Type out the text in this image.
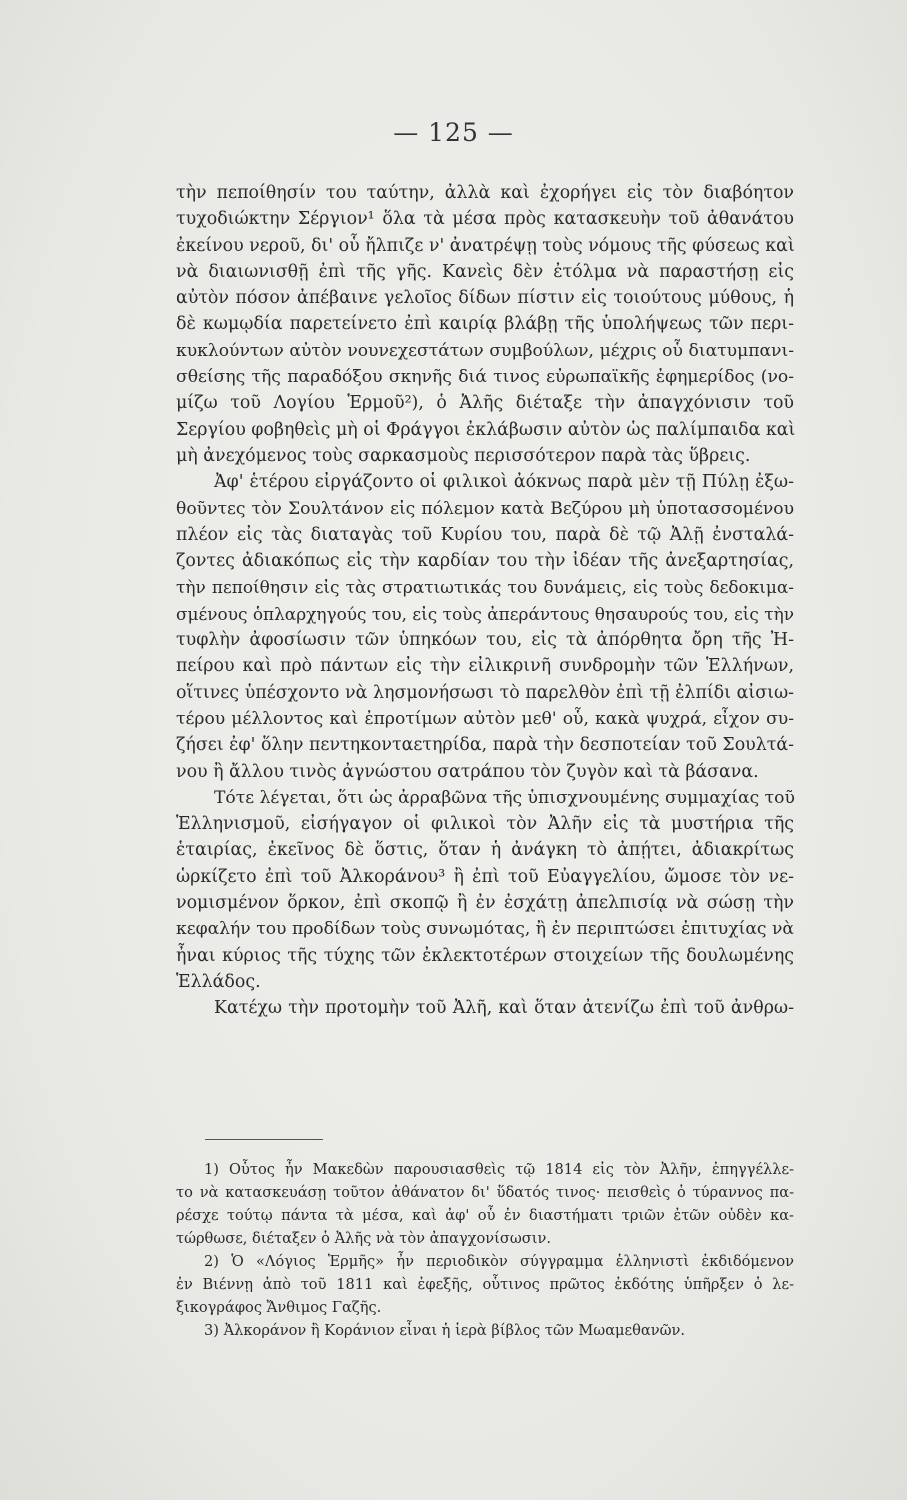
— 125 —

τὴν πεποίθησίν του ταύτην, ἀλλὰ καὶ ἐχορήγει εἰς τὸν διαβόητον
τυχοδιώκτην Σέργιον¹ ὅλα τὰ μέσα πρὸς κατασκευὴν τοῦ ἀθανάτου
ἐκείνου νεροῦ, δι' οὗ ἤλπιζε ν' ἀνατρέψῃ τοὺς νόμους τῆς φύσεως καὶ
νὰ διαιωνισθῇ ἐπὶ τῆς γῆς. Κανεὶς δὲν ἐτόλμα νὰ παραστήσῃ εἰς
αὐτὸν πόσον ἀπέβαινε γελοῖος δίδων πίστιν εἰς τοιούτους μύθους, ἡ
δὲ κωμῳδία παρετείνετο ἐπὶ καιρίᾳ βλάβῃ τῆς ὑπολήψεως τῶν περι-
κυκλούντων αὐτὸν νουνεχεστάτων συμβούλων, μέχρις οὗ διατυμπανι-
σθείσης τῆς παραδόξου σκηνῆς διά τινος εὐρωπαϊκῆς ἐφημερίδος (νο-
μίζω τοῦ Λογίου Ἑρμοῦ²), ὁ Ἀλῆς διέταξε τὴν ἀπαγχόνισιν τοῦ
Σεργίου φοβηθεὶς μὴ οἱ Φράγγοι ἐκλάβωσιν αὐτὸν ὡς παλίμπαιδα καὶ
μὴ ἀνεχόμενος τοὺς σαρκασμοὺς περισσότερον παρὰ τὰς ὕβρεις.

Ἀφ' ἑτέρου εἰργάζοντο οἱ φιλικοὶ ἀόκνως παρὰ μὲν τῇ Πύλῃ ἐξω-
θοῦντες τὸν Σουλτάνον εἰς πόλεμον κατὰ Βεζύρου μὴ ὑποτασσομένου
πλέον εἰς τὰς διαταγὰς τοῦ Κυρίου του, παρὰ δὲ τῷ Ἀλῇ ἐνσταλά-
ζοντες ἀδιακόπως εἰς τὴν καρδίαν του τὴν ἰδέαν τῆς ἀνεξαρτησίας,
τὴν πεποίθησιν εἰς τὰς στρατιωτικάς του δυνάμεις, εἰς τοὺς δεδοκιμα-
σμένους ὁπλαρχηγούς του, εἰς τοὺς ἀπεράντους θησαυρούς του, εἰς τὴν
τυφλὴν ἀφοσίωσιν τῶν ὑπηκόων του, εἰς τὰ ἀπόρθητα ὄρη τῆς Ἠ-
πείρου καὶ πρὸ πάντων εἰς τὴν εἰλικρινῆ συνδρομὴν τῶν Ἑλλήνων,
οἵτινες ὑπέσχοντο νὰ λησμονήσωσι τὸ παρελθὸν ἐπὶ τῇ ἐλπίδι αἰσιω-
τέρου μέλλοντος καὶ ἐπροτίμων αὐτὸν μεθ' οὗ, κακὰ ψυχρά, εἶχον συ-
ζήσει ἐφ' ὅλην πεντηκονταετηρίδα, παρὰ τὴν δεσποτείαν τοῦ Σουλτά-
νου ἢ ἄλλου τινὸς ἀγνώστου σατράπου τὸν ζυγὸν καὶ τὰ βάσανα.

Τότε λέγεται, ὅτι ὡς ἀρραβῶνα τῆς ὑπισχνουμένης συμμαχίας τοῦ
Ἑλληνισμοῦ, εἰσήγαγον οἱ φιλικοὶ τὸν Ἀλῆν εἰς τὰ μυστήρια τῆς
ἑταιρίας, ἐκεῖνος δὲ ὅστις, ὅταν ἡ ἀνάγκη τὸ ἀπῄτει, ἀδιακρίτως
ὡρκίζετο ἐπὶ τοῦ Ἀλκοράνου³ ἢ ἐπὶ τοῦ Εὐαγγελίου, ὤμοσε τὸν νε-
νομισμένον ὅρκον, ἐπὶ σκοπῷ ἢ ἐν ἐσχάτῃ ἀπελπισίᾳ νὰ σώσῃ τὴν
κεφαλήν του προδίδων τοὺς συνωμότας, ἢ ἐν περιπτώσει ἐπιτυχίας νὰ
ἦναι κύριος τῆς τύχης τῶν ἐκλεκτοτέρων στοιχείων τῆς δουλωμένης
Ἑλλάδος.

Κατέχω τὴν προτομὴν τοῦ Ἀλῆ, καὶ ὅταν ἀτενίζω ἐπὶ τοῦ ἀνθρω-

1) Οὗτος ἦν Μακεδὼν παρουσιασθεὶς τῷ 1814 εἰς τὸν Ἀλῆν, ἐπηγγέλλε-
το νὰ κατασκευάσῃ τοῦτον ἀθάνατον δι' ὕδατός τινος· πεισθεὶς ὁ τύραννος πα-
ρέσχε τούτῳ πάντα τὰ μέσα, καὶ ἀφ' οὗ ἐν διαστήματι τριῶν ἐτῶν οὐδὲν κα-
τώρθωσε, διέταξεν ὁ Ἀλῆς νὰ τὸν ἀπαγχονίσωσιν.

2) Ὁ «Λόγιος Ἑρμῆς» ἦν περιοδικὸν σύγγραμμα ἑλληνιστὶ ἐκδιδόμενον
ἐν Βιέννῃ ἀπὸ τοῦ 1811 καὶ ἐφεξῆς, οὗτινος πρῶτος ἐκδότης ὑπῆρξεν ὁ λε-
ξικογράφος Ἄνθιμος Γαζῆς.

3) Ἀλκοράνον ἢ Κοράνιον εἶναι ἡ ἱερὰ βίβλος τῶν Μωαμεθανῶν.
